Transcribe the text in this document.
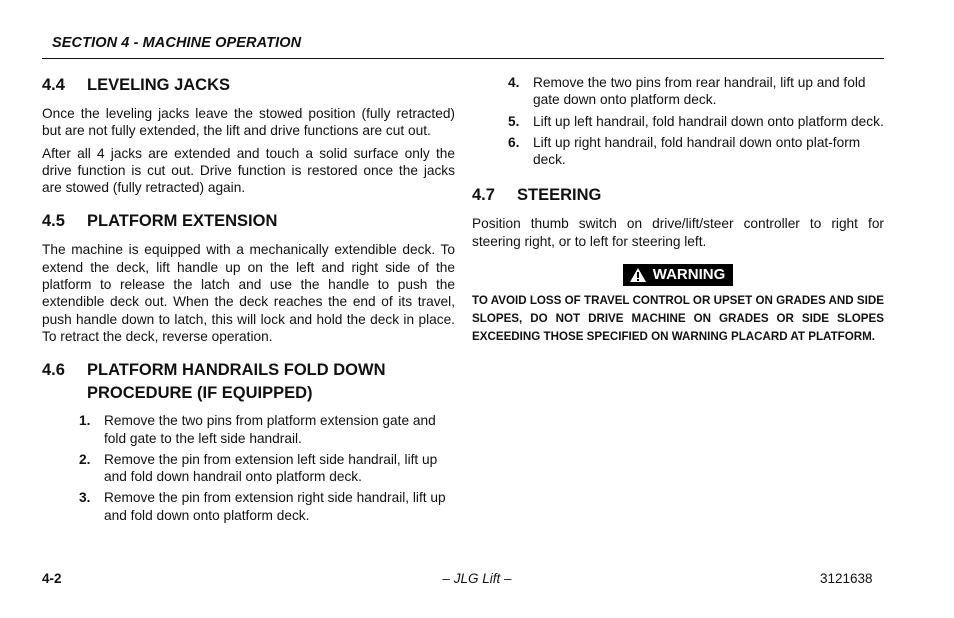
SECTION 4 - MACHINE OPERATION
4.4	LEVELING JACKS

Once the leveling jacks leave the stowed position (fully retracted) but are not fully extended, the lift and drive functions are cut out.

After all 4 jacks are extended and touch a solid surface only the drive function is cut out. Drive function is restored once the jacks are stowed (fully retracted) again.

4.5	PLATFORM EXTENSION

The machine is equipped with a mechanically extendible deck. To extend the deck, lift handle up on the left and right side of the platform to release the latch and use the handle to push the extendible deck out. When the deck reaches the end of its travel, push handle down to latch, this will lock and hold the deck in place. To retract the deck, reverse operation.

4.6	PLATFORM HANDRAILS FOLD DOWN PROCEDURE (IF EQUIPPED)
1. Remove the two pins from platform extension gate and fold gate to the left side handrail.
2. Remove the pin from extension left side handrail, lift up and fold down handrail onto platform deck.
3. Remove the pin from extension right side handrail, lift up and fold down onto platform deck.
4. Remove the two pins from rear handrail, lift up and fold gate down onto platform deck.
5. Lift up left handrail, fold handrail down onto platform deck.
6. Lift up right handrail, fold handrail down onto plat-form deck.
4.7	STEERING

Position thumb switch on drive/lift/steer controller to right for steering right, or to left for steering left.

WARNING

TO AVOID LOSS OF TRAVEL CONTROL OR UPSET ON GRADES AND SIDE SLOPES, DO NOT DRIVE MACHINE ON GRADES OR SIDE SLOPES EXCEEDING THOSE SPECIFIED ON WARNING PLACARD AT PLATFORM.

4-2	– JLG Lift –	3121638
